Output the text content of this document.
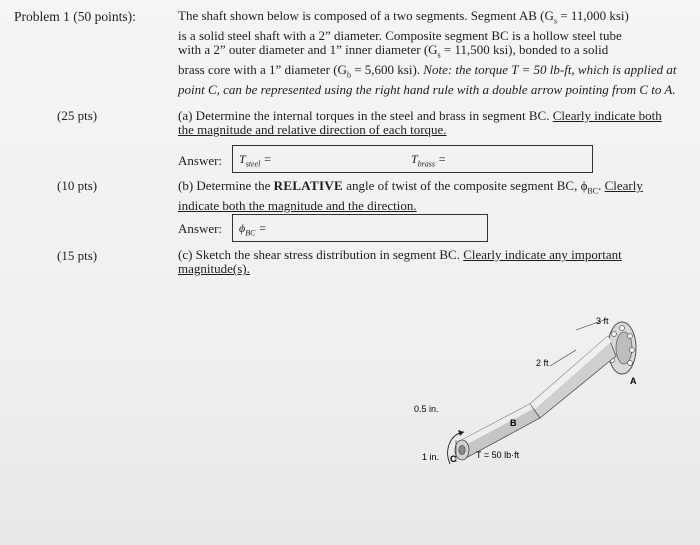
Problem 1 (50 points):	The shaft shown below is composed of a two segments. Segment AB ($G_s = 11,000$ ksi)
is a solid steel shaft with a 2” diameter. Composite segment BC is a hollow steel tube
with a 2” outer diameter and 1” inner diameter ($G_s = 11,500$ ksi), bonded to a solid
brass core with a 1” diameter ($G_b = 5,600$ ksi). Note: the torque T = 50 lb-ft, which is applied at point C, can be represented using the right hand rule with a double arrow pointing from C to A.
(25 pts)	(a) Determine the internal torques in the steel and brass in segment BC. Clearly indicate both the magnitude and relative direction of each torque.
Answer: $T_{steel}$ =	$T_{brass}$ =
(10 pts)	(b) Determine the RELATIVE angle of twist of the composite segment BC, $\phi_{BC}$. Clearly indicate both the magnitude and the direction.
Answer: $\phi_{BC}$ =
(15 pts)	(c) Sketch the shear stress distribution in segment BC. Clearly indicate any important magnitude(s).
3 ft
2 ft
0.5 in.
1 in.
A
B
C T = 50 lb·ft
